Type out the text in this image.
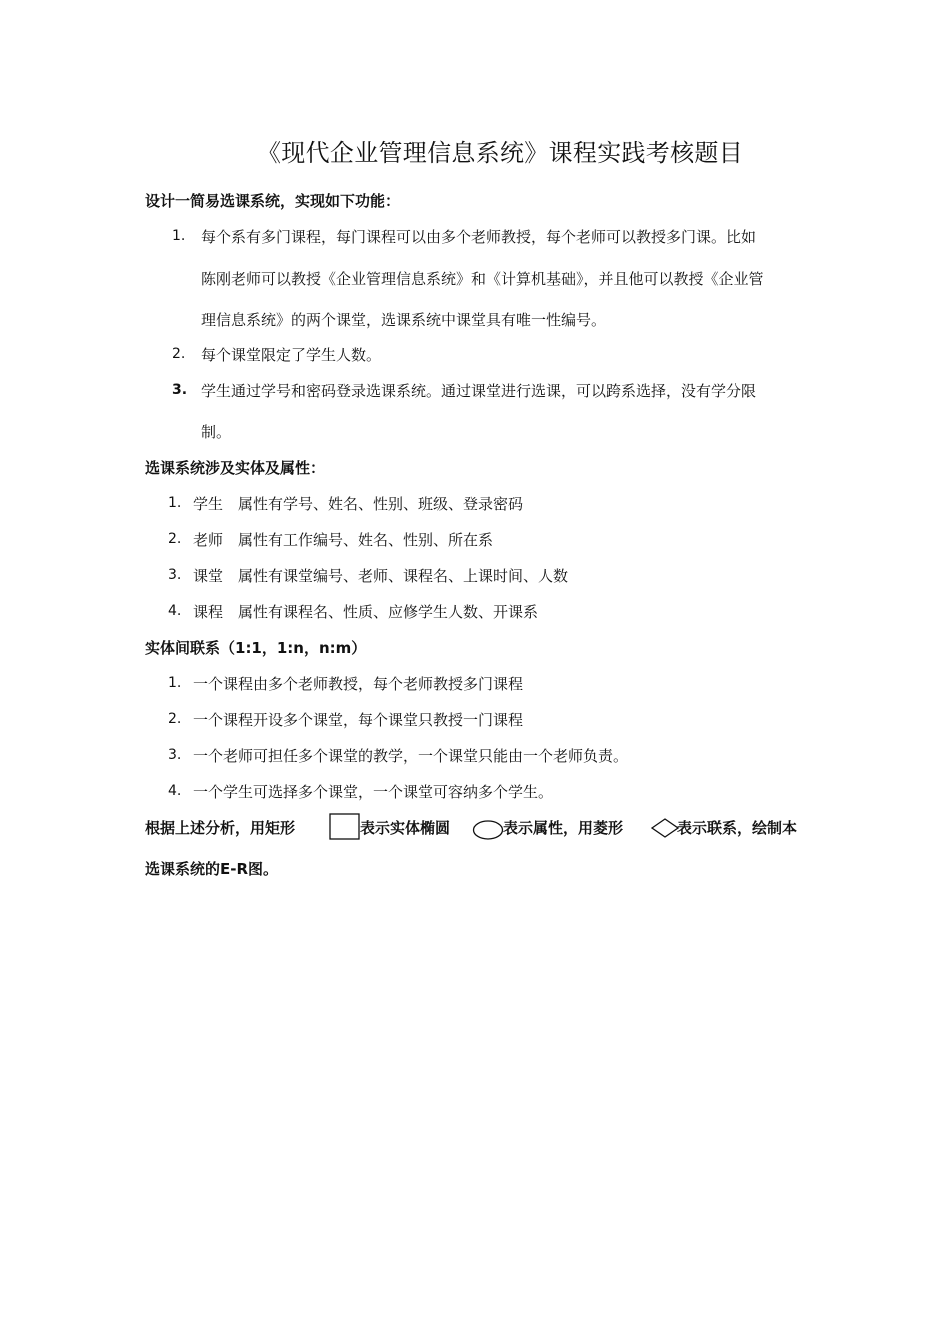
《现代企业管理信息系统》课程实践考核题目
设计一简易选课系统，实现如下功能：
1. 每个系有多门课程，每门课程可以由多个老师教授，每个老师可以教授多门课。比如
陈刚老师可以教授《企业管理信息系统》和《计算机基础》，并且他可以教授《企业管
理信息系统》的两个课堂，选课系统中课堂具有唯一性编号。
2. 每个课堂限定了学生人数。
3. 学生通过学号和密码登录选课系统。通过课堂进行选课，可以跨系选择，没有学分限
制。
选课系统涉及实体及属性：
1. 学生　属性有学号、姓名、性别、班级、登录密码
2. 老师　属性有工作编号、姓名、性别、所在系
3. 课堂　属性有课堂编号、老师、课程名、上课时间、人数
4. 课程　属性有课程名、性质、应修学生人数、开课系
实体间联系（1:1，1:n，n:m）
1. 一个课程由多个老师教授，每个老师教授多门课程
2. 一个课程开设多个课堂，每个课堂只教授一门课程
3. 一个老师可担任多个课堂的教学，一个课堂只能由一个老师负责。
4. 一个学生可选择多个课堂，一个课堂可容纳多个学生。
根据上述分析，用矩形	表示实体椭圆	表示属性，用菱形	表示联系，绘制本
选课系统的E-R图。
